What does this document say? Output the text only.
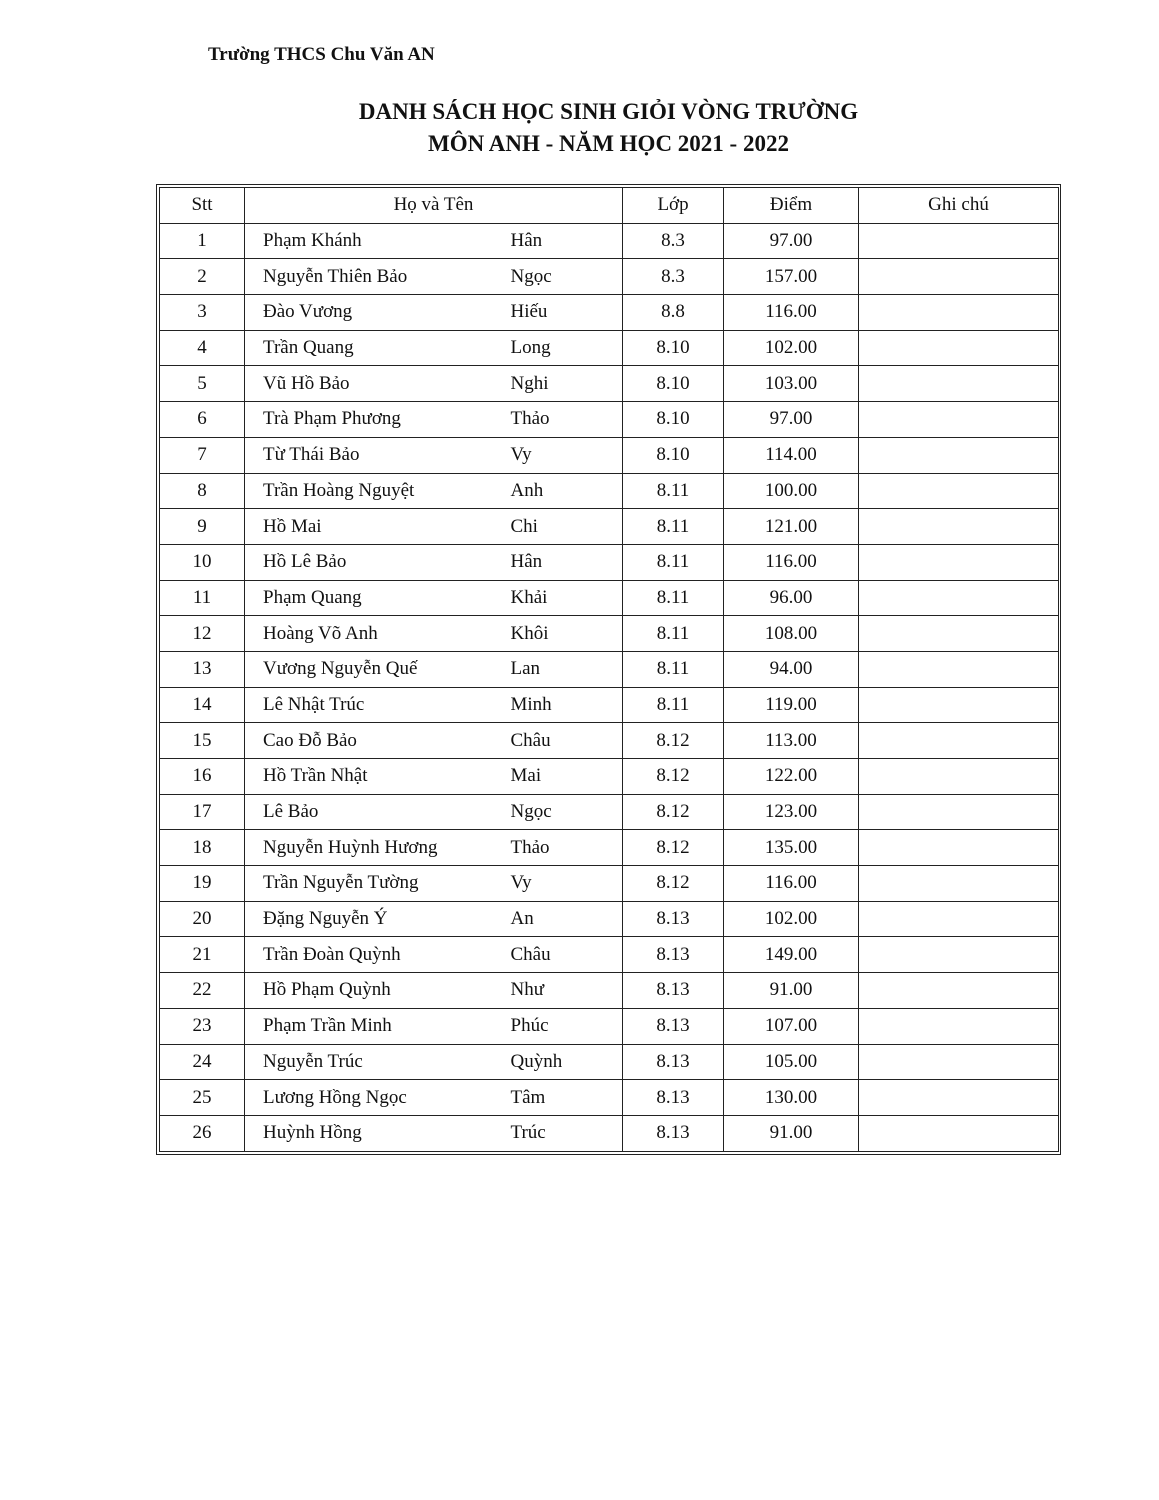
Trường THCS Chu Văn AN

DANH SÁCH HỌC SINH GIỎI VÒNG TRƯỜNG
MÔN ANH - NĂM HỌC 2021 - 2022
Stt	Họ và Tên		Lớp	Điểm	Ghi chú
1	Phạm Khánh	Hân	8.3	97.00	
2	Nguyễn Thiên Bảo	Ngọc	8.3	157.00	
3	Đào Vương	Hiếu	8.8	116.00	
4	Trần Quang	Long	8.10	102.00	
5	Vũ Hồ Bảo	Nghi	8.10	103.00	
6	Trà Phạm Phương	Thảo	8.10	97.00	
7	Từ Thái Bảo	Vy	8.10	114.00	
8	Trần Hoàng Nguyệt	Anh	8.11	100.00	
9	Hồ Mai	Chi	8.11	121.00	
10	Hồ Lê Bảo	Hân	8.11	116.00	
11	Phạm Quang	Khải	8.11	96.00	
12	Hoàng Võ Anh	Khôi	8.11	108.00	
13	Vương Nguyễn Quế	Lan	8.11	94.00	
14	Lê Nhật Trúc	Minh	8.11	119.00	
15	Cao Đỗ Bảo	Châu	8.12	113.00	
16	Hồ Trần Nhật	Mai	8.12	122.00	
17	Lê Bảo	Ngọc	8.12	123.00	
18	Nguyễn Huỳnh Hương	Thảo	8.12	135.00	
19	Trần Nguyễn Tường	Vy	8.12	116.00	
20	Đặng Nguyễn Ý	An	8.13	102.00	
21	Trần Đoàn Quỳnh	Châu	8.13	149.00	
22	Hồ Phạm Quỳnh	Như	8.13	91.00	
23	Phạm Trần Minh	Phúc	8.13	107.00	
24	Nguyễn Trúc	Quỳnh	8.13	105.00	
25	Lương Hồng Ngọc	Tâm	8.13	130.00	
26	Huỳnh Hồng	Trúc	8.13	91.00	
